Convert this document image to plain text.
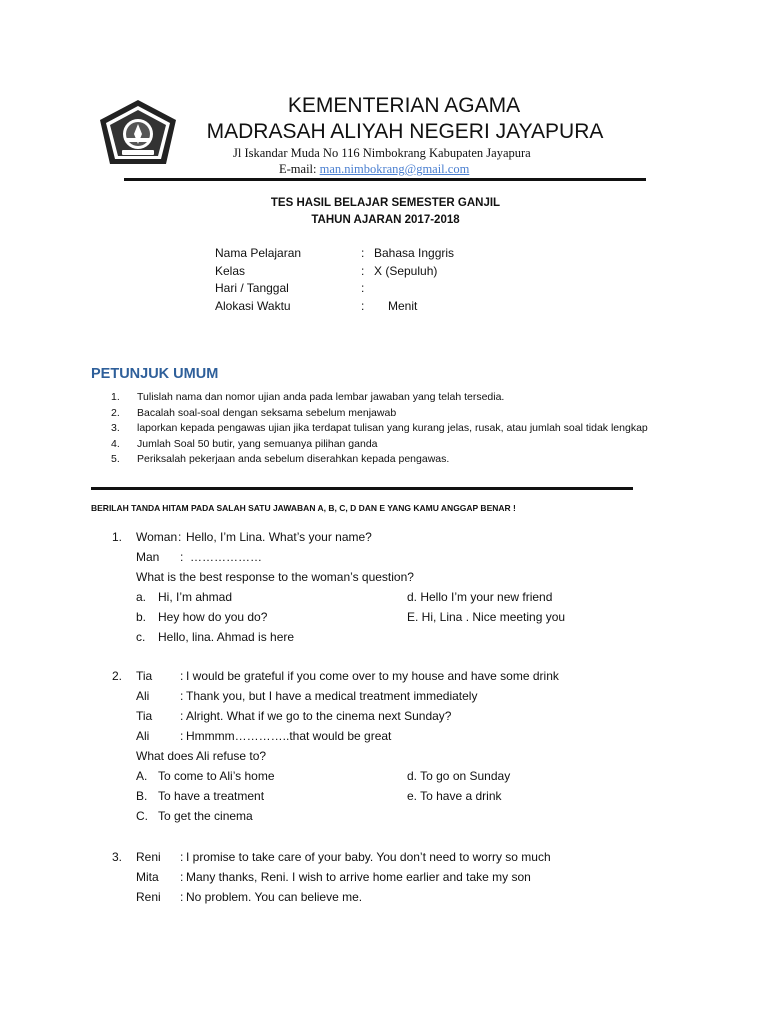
KEMENTERIAN AGAMA
MADRASAH ALIYAH NEGERI JAYAPURA
Jl Iskandar Muda No 116 Nimbokrang Kabupaten Jayapura
E-mail: man.nimbokrang@gmail.com
TES HASIL BELAJAR SEMESTER GANJIL
TAHUN AJARAN 2017-2018
Nama Pelajaran	: Bahasa Inggris
Kelas	: X (Sepuluh)
Hari / Tanggal	:
Alokasi Waktu	: Menit
PETUNJUK UMUM
1. Tulislah nama dan nomor ujian anda pada lembar jawaban yang telah tersedia.
2. Bacalah soal-soal dengan seksama sebelum menjawab
3. laporkan kepada pengawas ujian jika terdapat tulisan yang kurang jelas, rusak, atau jumlah soal tidak lengkap
4. Jumlah Soal 50 butir, yang semuanya pilihan ganda
5. Periksalah pekerjaan anda sebelum diserahkan kepada pengawas.
BERILAH TANDA HITAM PADA SALAH SATU JAWABAN A, B, C, D DAN E YANG KAMU ANGGAP BENAR !
1. Woman : Hello, I’m Lina. What’s your name?
Man : ………………
What is the best response to the woman’s question?
a. Hi, I’m ahmad	d. Hello I’m your new friend
b. Hey how do you do?	E. Hi, Lina . Nice meeting you
c. Hello, lina. Ahmad is here
2. Tia : I would be grateful if you come over to my house and have some drink
Ali	: Thank you, but I have a medical treatment immediately
Tia : Alright. What if we go to the cinema next Sunday?
Ali	: Hmmmm…………..that would be great
What does Ali refuse to?
A. To come to Ali’s home	d. To go on Sunday
B. To have a treatment	e. To have a drink
C. To get the cinema
3. Reni : I promise to take care of your baby. You don’t need to worry so much
Mita : Many thanks, Reni. I wish to arrive home earlier and take my son
Reni : No problem. You can believe me.
